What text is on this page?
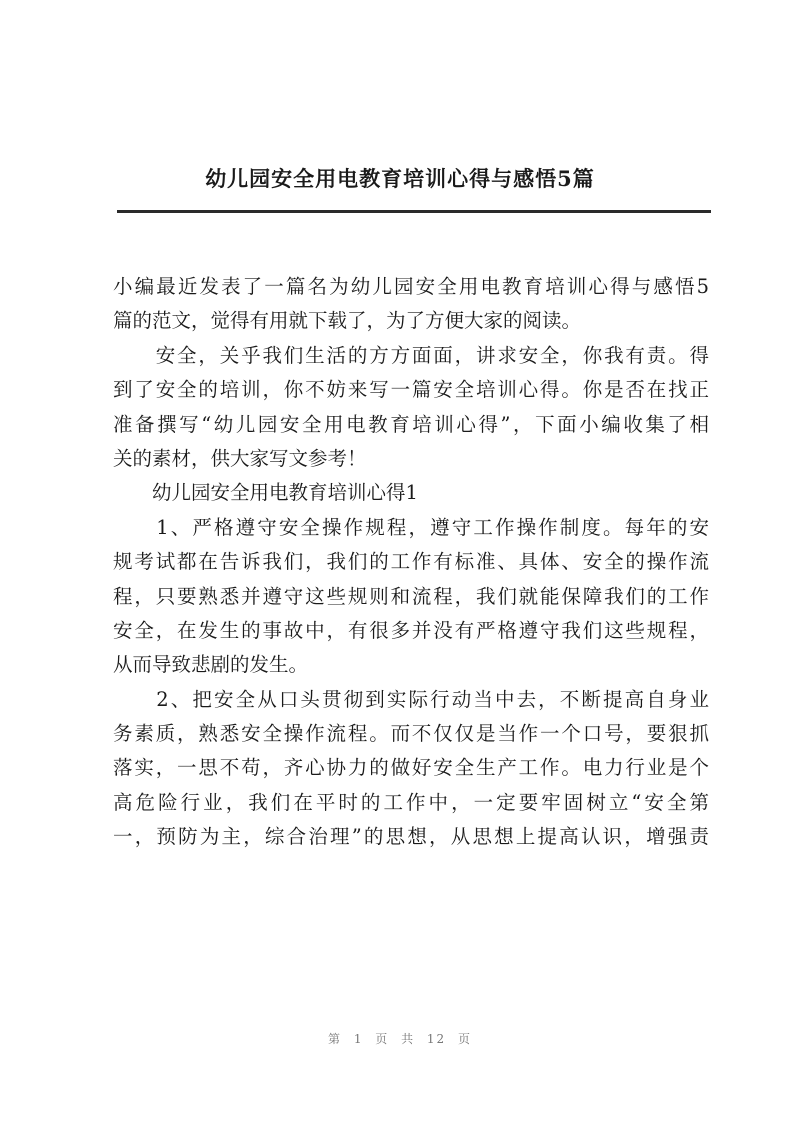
幼儿园安全用电教育培训心得与感悟5篇
小编最近发表了一篇名为幼儿园安全用电教育培训心得与感悟5
篇的范文，觉得有用就下载了，为了方便大家的阅读。
　　安全，关乎我们生活的方方面面，讲求安全，你我有责。得
到了安全的培训，你不妨来写一篇安全培训心得。你是否在找正
准备撰写“幼儿园安全用电教育培训心得”，下面小编收集了相
关的素材，供大家写文参考！
　　幼儿园安全用电教育培训心得1
　　1、严格遵守安全操作规程，遵守工作操作制度。每年的安
规考试都在告诉我们，我们的工作有标准、具体、安全的操作流
程，只要熟悉并遵守这些规则和流程，我们就能保障我们的工作
安全，在发生的事故中，有很多并没有严格遵守我们这些规程，
从而导致悲剧的发生。
　　2、把安全从口头贯彻到实际行动当中去，不断提高自身业
务素质，熟悉安全操作流程。而不仅仅是当作一个口号，要狠抓
落实，一思不苟，齐心协力的做好安全生产工作。电力行业是个
高危险行业，我们在平时的工作中，一定要牢固树立“安全第
一，预防为主，综合治理”的思想，从思想上提高认识，增强责
第 1 页 共 12 页
